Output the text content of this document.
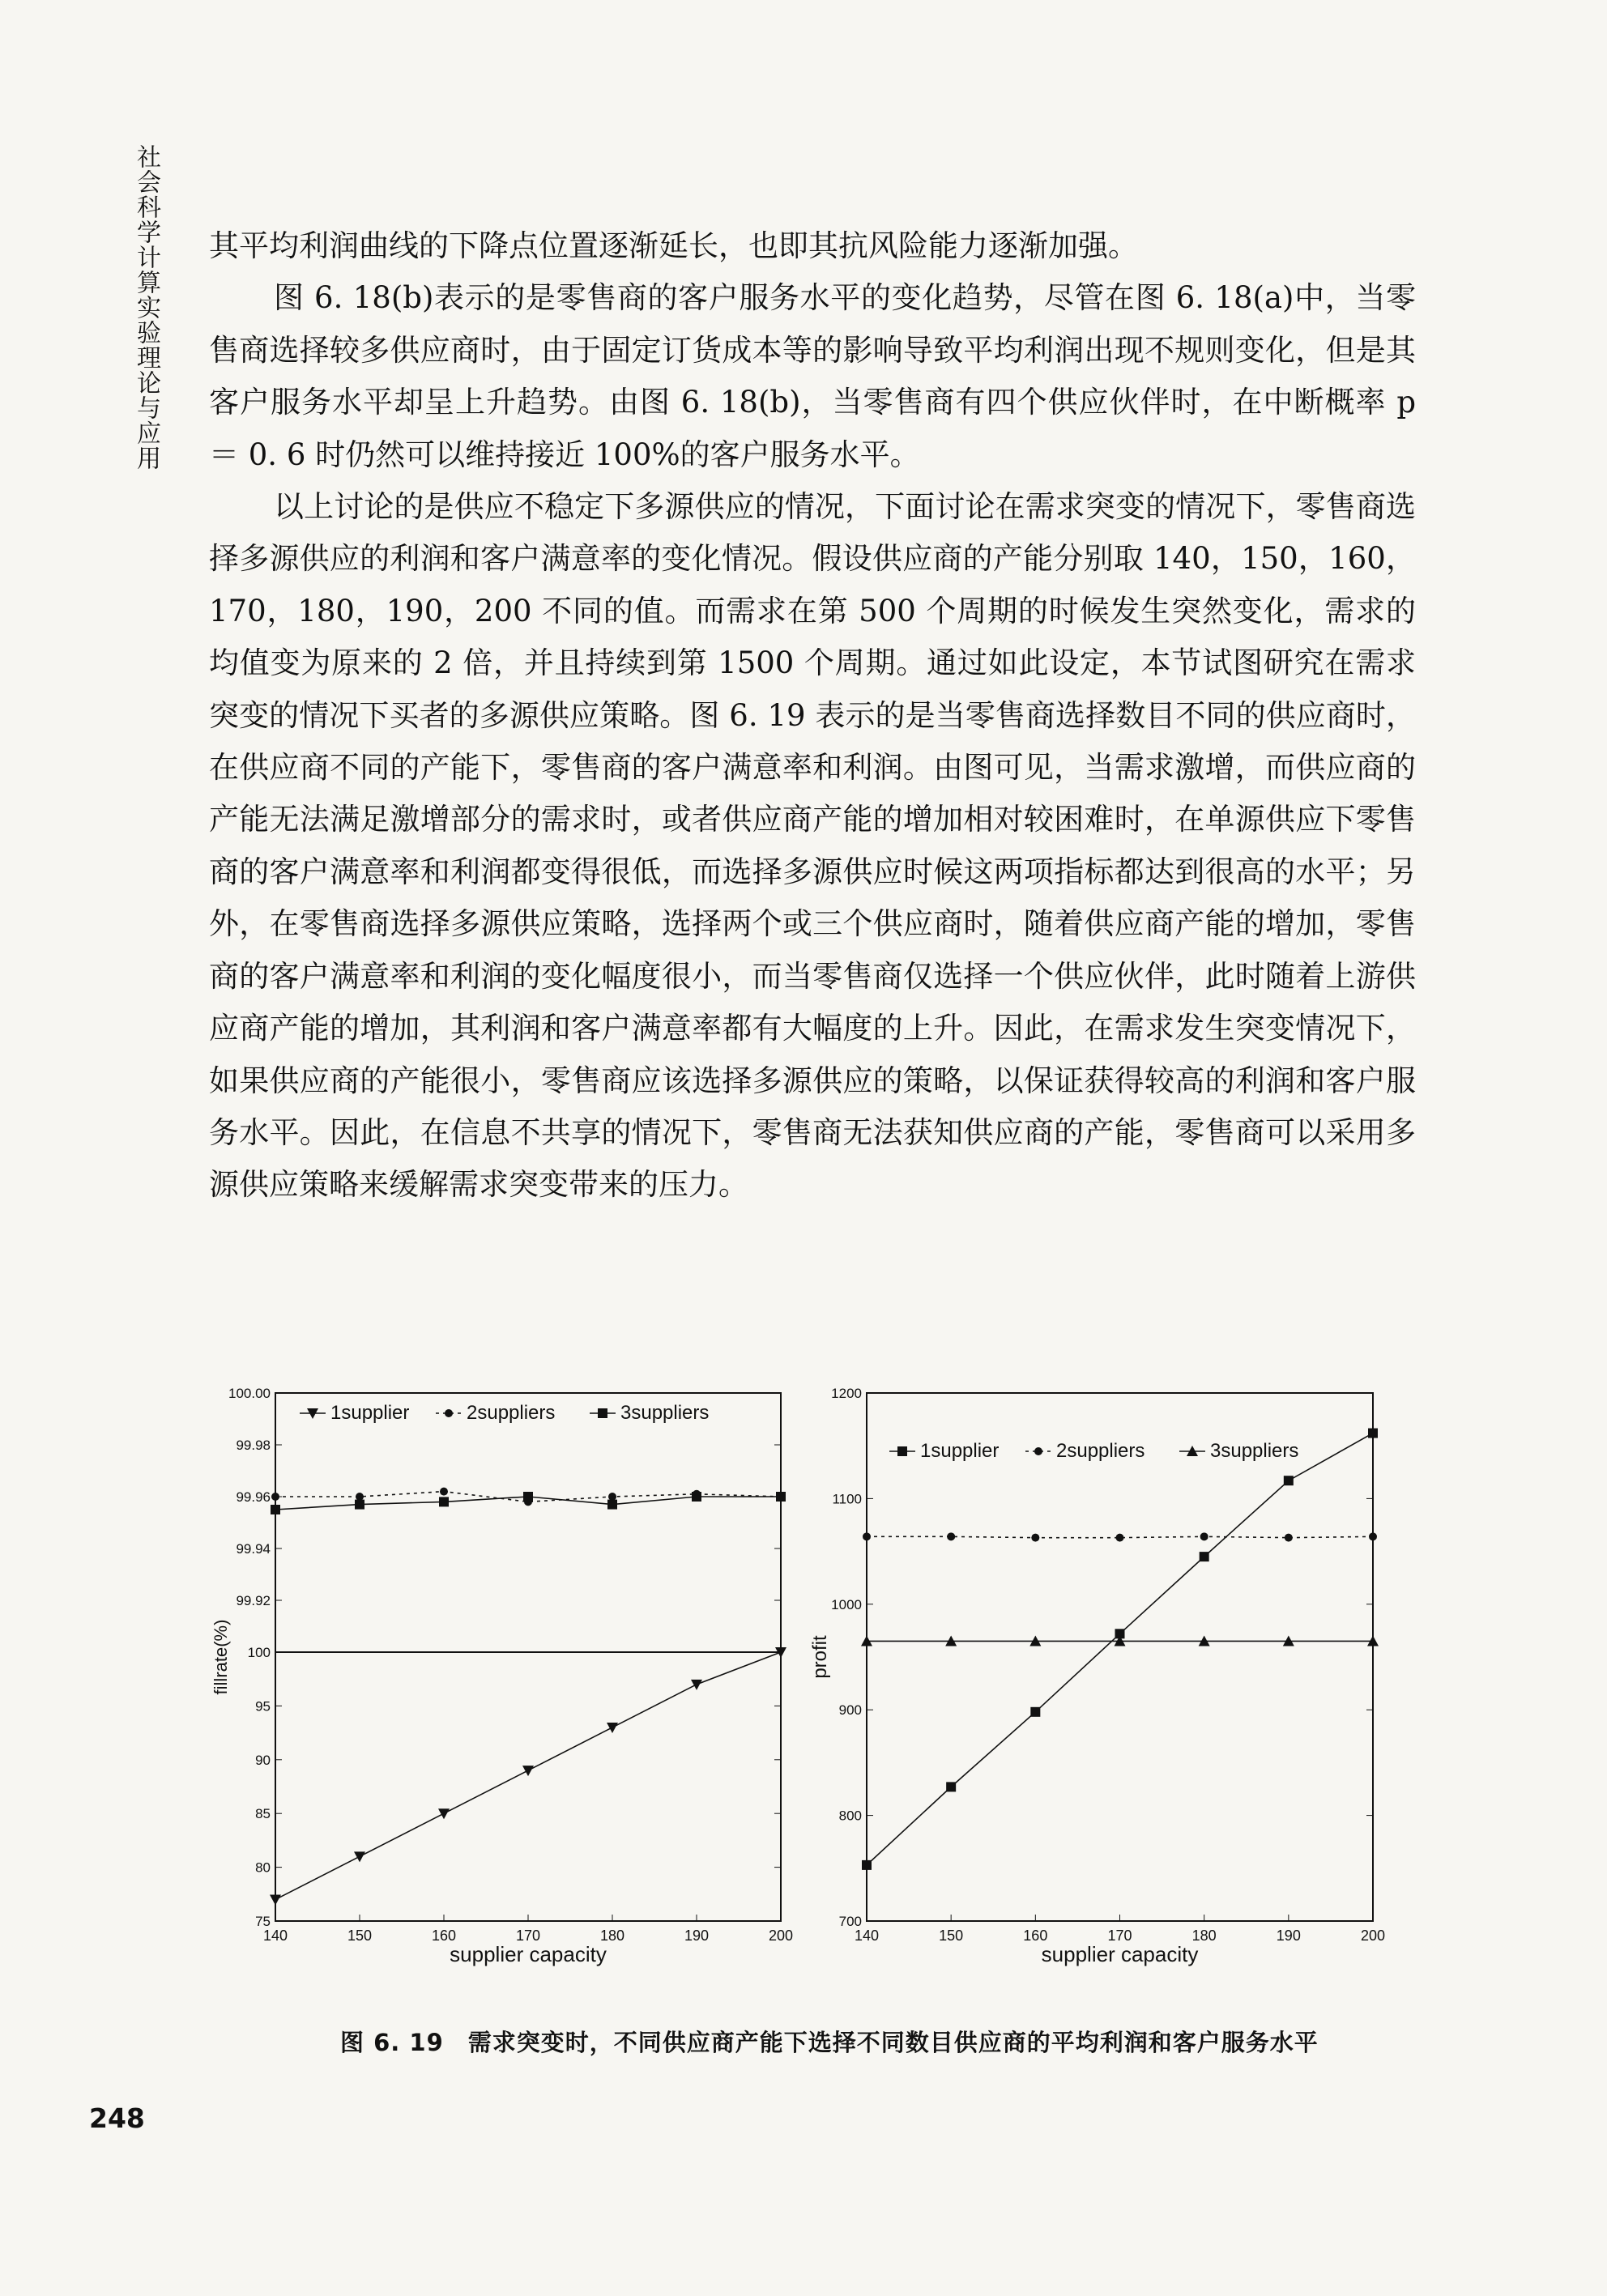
社会科学计算实验理论与应用 其平均利润曲线的下降点位置逐渐延长，也即其抗风险能力逐渐加强。

图 6. 18(b)表示的是零售商的客户服务水平的变化趋势，尽管在图 6. 18(a)中，当零售商选择较多供应商时，由于固定订货成本等的影响导致平均利润出现不规则变化，但是其客户服务水平却呈上升趋势。由图 6. 18(b)，当零售商有四个供应伙伴时，在中断概率 p ＝ 0. 6 时仍然可以维持接近 100%的客户服务水平。

以上讨论的是供应不稳定下多源供应的情况，下面讨论在需求突变的情况下，零售商选择多源供应的利润和客户满意率的变化情况。假设供应商的产能分别取 140，150，160，170，180，190，200 不同的值。而需求在第 500 个周期的时候发生突然变化，需求的均值变为原来的 2 倍，并且持续到第 1500 个周期。通过如此设定，本节试图研究在需求突变的情况下买者的多源供应策略。图 6. 19 表示的是当零售商选择数目不同的供应商时，在供应商不同的产能下，零售商的客户满意率和利润。由图可见，当需求激增，而供应商的产能无法满足激增部分的需求时，或者供应商产能的增加相对较困难时，在单源供应下零售商的客户满意率和利润都变得很低，而选择多源供应时候这两项指标都达到很高的水平；另外，在零售商选择多源供应策略，选择两个或三个供应商时，随着供应商产能的增加，零售商的客户满意率和利润的变化幅度很小，而当零售商仅选择一个供应伙伴，此时随着上游供应商产能的增加，其利润和客户满意率都有大幅度的上升。因此，在需求发生突变情况下，如果供应商的产能很小，零售商应该选择多源供应的策略，以保证获得较高的利润和客户服务水平。因此，在信息不共享的情况下，零售商无法获知供应商的产能，零售商可以采用多源供应策略来缓解需求突变带来的压力。

100.00
99.98
99.96
99.94
99.92
100
95
90
85
80
75
140	150	160	170	180	190	200
supplier capacity
fillrate(%)
1supplier	2suppliers	3suppliers
1200
1100
1000
900
800
700
140	150	160	170	180	190	200
supplier capacity
profit
1supplier	2suppliers	3suppliers
图 6. 19 需求突变时，不同供应商产能下选择不同数目供应商的平均利润和客户服务水平
248
